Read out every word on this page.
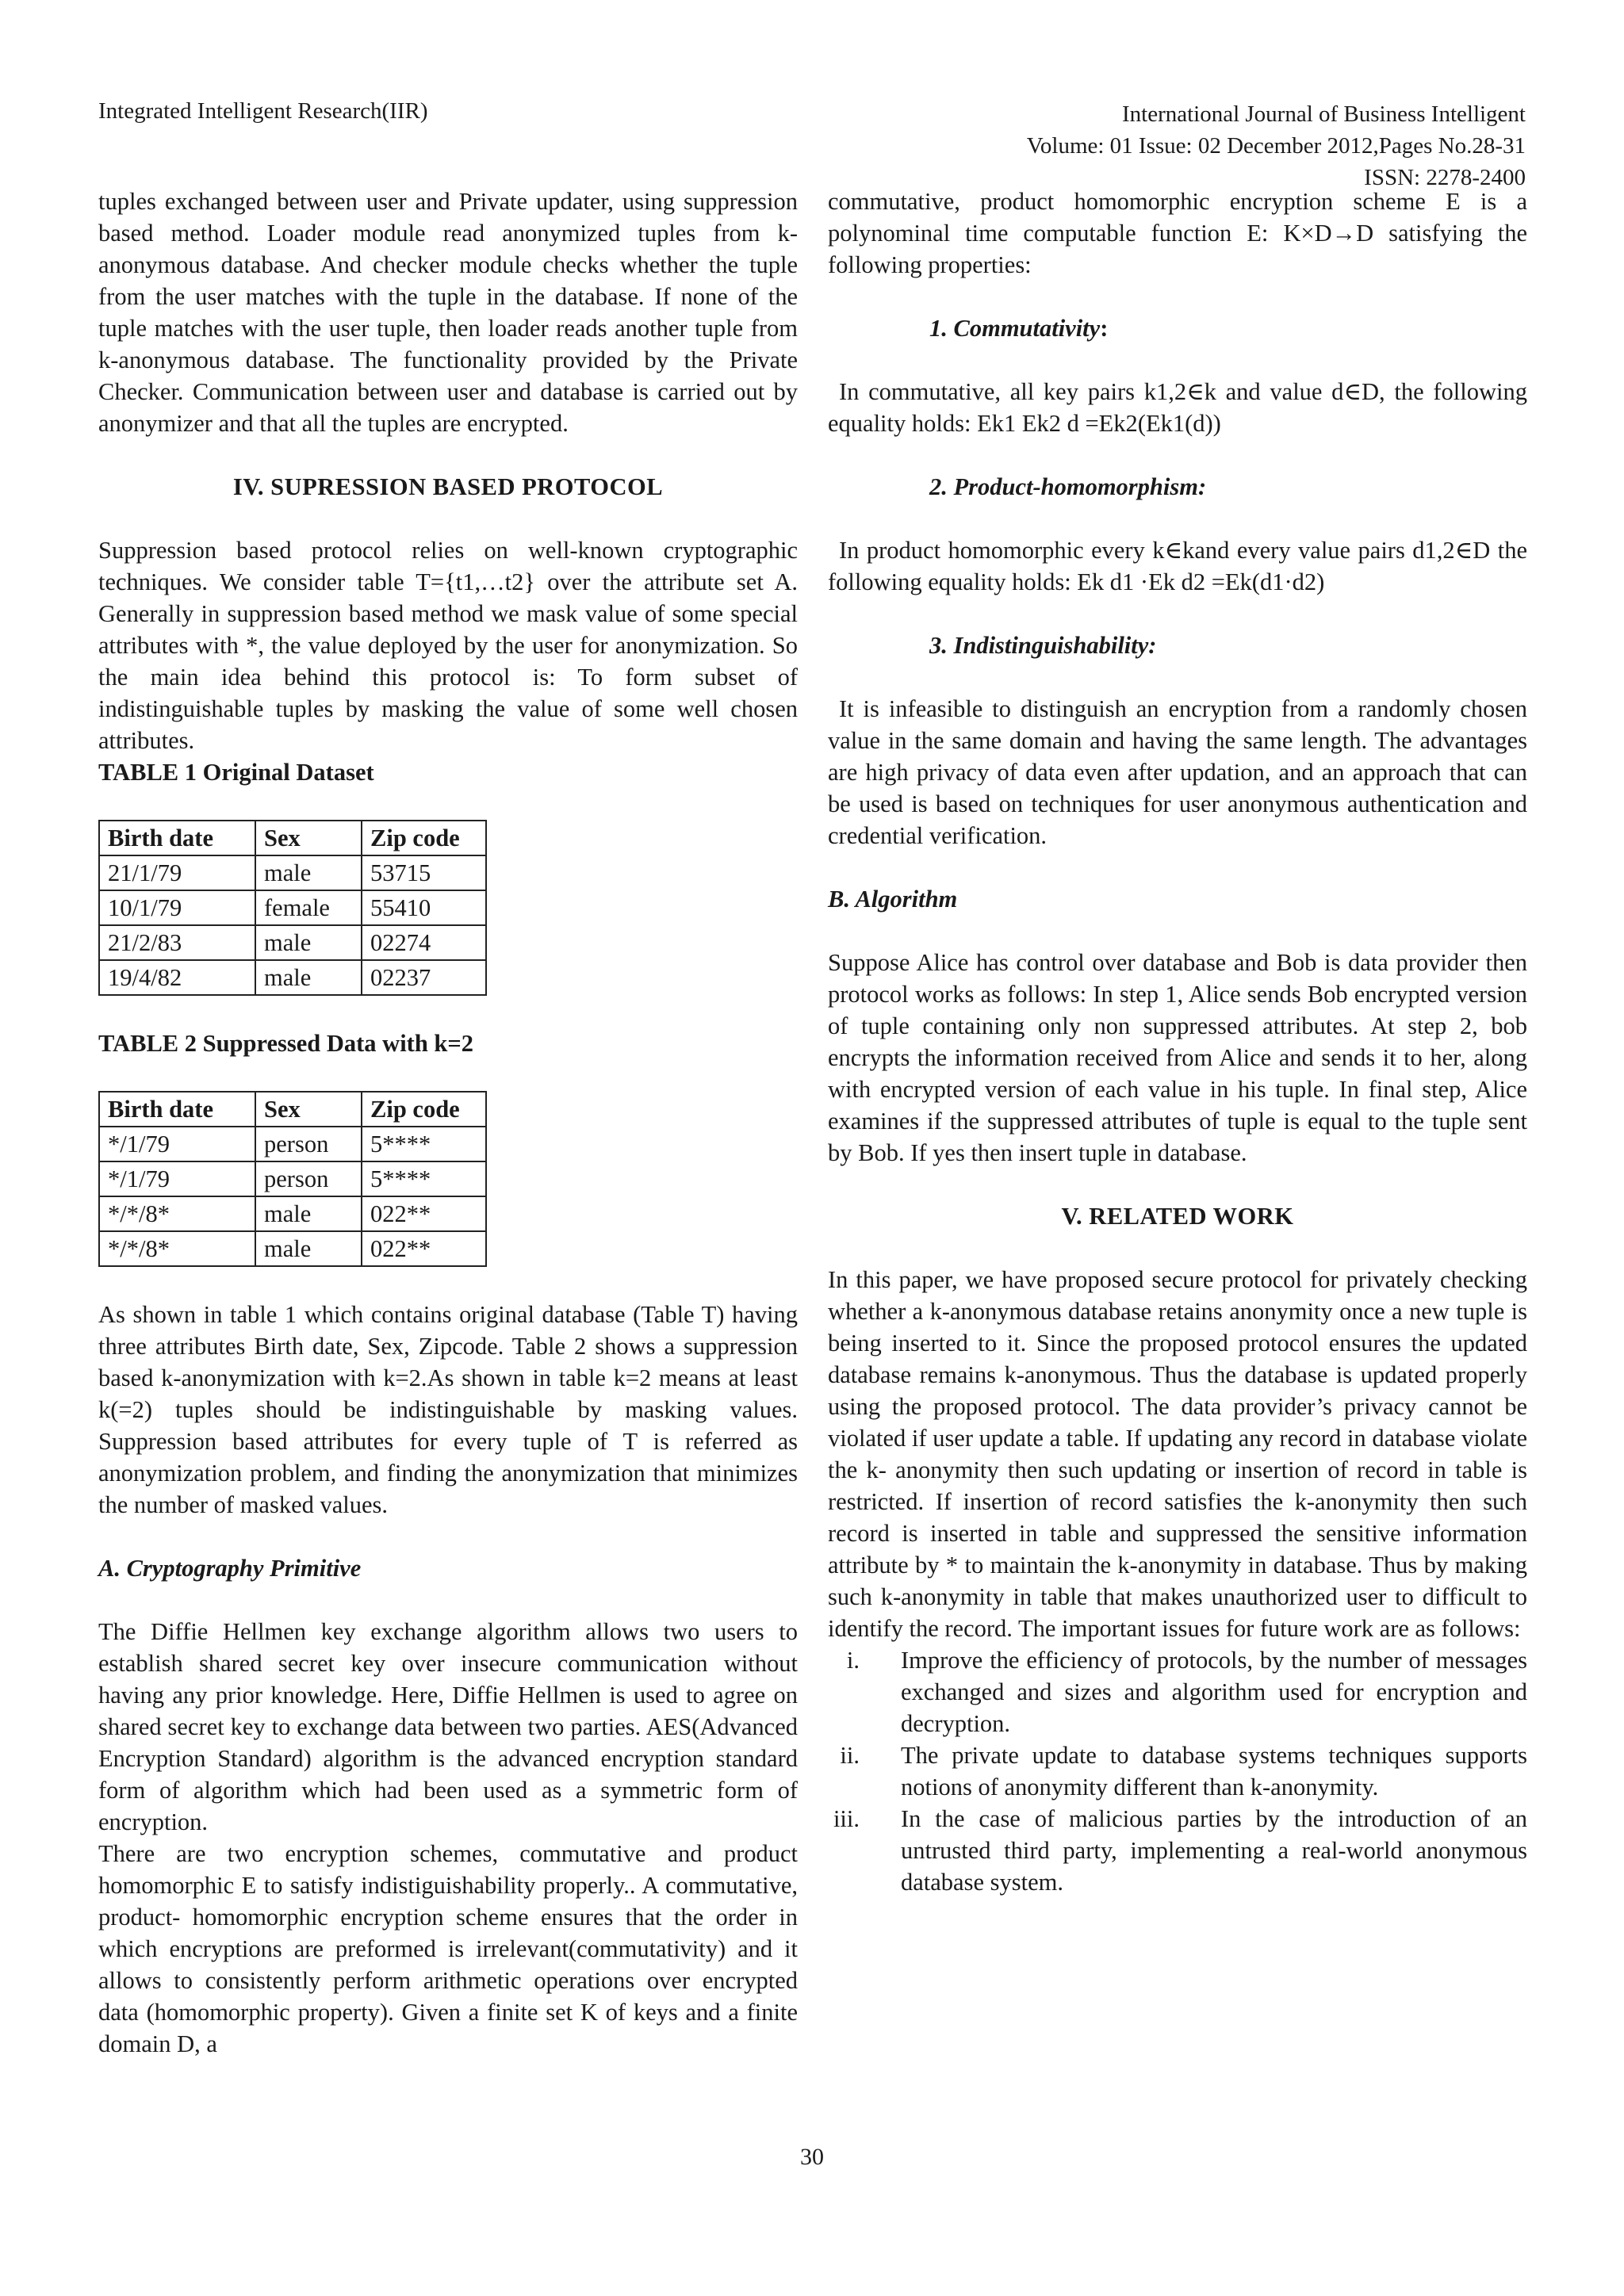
Integrated Intelligent Research(IIR)	International Journal of Business Intelligent
Volume: 01 Issue: 02 December 2012,Pages No.28-31
ISSN: 2278-2400

tuples exchanged between user and Private updater, using suppression based method. Loader module read anonymized tuples from k-anonymous database. And checker module checks whether the tuple from the user matches with the tuple in the database. If none of the tuple matches with the user tuple, then loader reads another tuple from k-anonymous database. The functionality provided by the Private Checker. Communication between user and database is carried out by anonymizer and that all the tuples are encrypted.

IV. SUPRESSION BASED PROTOCOL

Suppression based protocol relies on well-known cryptographic techniques. We consider table T={t1,…t2} over the attribute set A. Generally in suppression based method we mask value of some special attributes with *, the value deployed by the user for anonymization. So the main idea behind this protocol is: To form subset of indistinguishable tuples by masking the value of some well chosen attributes.

TABLE 1 Original Dataset

Birth date	Sex	Zip code
21/1/79	male	53715
10/1/79	female	55410
21/2/83	male	02274
19/4/82	male	02237

TABLE 2 Suppressed Data with k=2

Birth date	Sex	Zip code
*/1/79	person	5****
*/1/79	person	5****
*/*/8*	male	022**
*/*/8*	male	022**

As shown in table 1 which contains original database (Table T) having three attributes Birth date, Sex, Zipcode. Table 2 shows a suppression based k-anonymization with k=2.As shown in table k=2 means at least k(=2) tuples should be indistinguishable by masking values. Suppression based attributes for every tuple of T is referred as anonymization problem, and finding the anonymization that minimizes the number of masked values.

A. Cryptography Primitive

The Diffie Hellmen key exchange algorithm allows two users to establish shared secret key over insecure communication without having any prior knowledge. Here, Diffie Hellmen is used to agree on shared secret key to exchange data between two parties. AES(Advanced Encryption Standard) algorithm is the advanced encryption standard form of algorithm which had been used as a symmetric form of encryption.

There are two encryption schemes, commutative and product homomorphic E to satisfy indistiguishability properly.. A commutative, product- homomorphic encryption scheme ensures that the order in which encryptions are preformed is irrelevant(commutativity) and it allows to consistently perform arithmetic operations over encrypted data (homomorphic property). Given a finite set K of keys and a finite domain D, a

commutative, product homomorphic encryption scheme E is a polynominal time computable function E: K×D→D satisfying the following properties:

1. Commutativity:

In commutative, all key pairs k1,2∈k and value d∈D, the following equality holds: Ek1 Ek2 d =Ek2(Ek1(d))

2. Product-homomorphism:

In product homomorphic every k∈kand every value pairs d1,2∈D the following equality holds: Ek d1 ·Ek d2 =Ek(d1·d2)

3. Indistinguishability:

It is infeasible to distinguish an encryption from a randomly chosen value in the same domain and having the same length. The advantages are high privacy of data even after updation, and an approach that can be used is based on techniques for user anonymous authentication and credential verification.

B. Algorithm

Suppose Alice has control over database and Bob is data provider then protocol works as follows: In step 1, Alice sends Bob encrypted version of tuple containing only non suppressed attributes. At step 2, bob encrypts the information received from Alice and sends it to her, along with encrypted version of each value in his tuple. In final step, Alice examines if the suppressed attributes of tuple is equal to the tuple sent by Bob. If yes then insert tuple in database.

V. RELATED WORK

In this paper, we have proposed secure protocol for privately checking whether a k-anonymous database retains anonymity once a new tuple is being inserted to it. Since the proposed protocol ensures the updated database remains k-anonymous. Thus the database is updated properly using the proposed protocol. The data provider’s privacy cannot be violated if user update a table. If updating any record in database violate the k- anonymity then such updating or insertion of record in table is restricted. If insertion of record satisfies the k-anonymity then such record is inserted in table and suppressed the sensitive information attribute by * to maintain the k-anonymity in database. Thus by making such k-anonymity in table that makes unauthorized user to difficult to identify the record. The important issues for future work are as follows:

i. Improve the efficiency of protocols, by the number of messages exchanged and sizes and algorithm used for encryption and decryption.
ii. The private update to database systems techniques supports notions of anonymity different than k-anonymity.
iii. In the case of malicious parties by the introduction of an untrusted third party, implementing a real-world anonymous database system.
30
